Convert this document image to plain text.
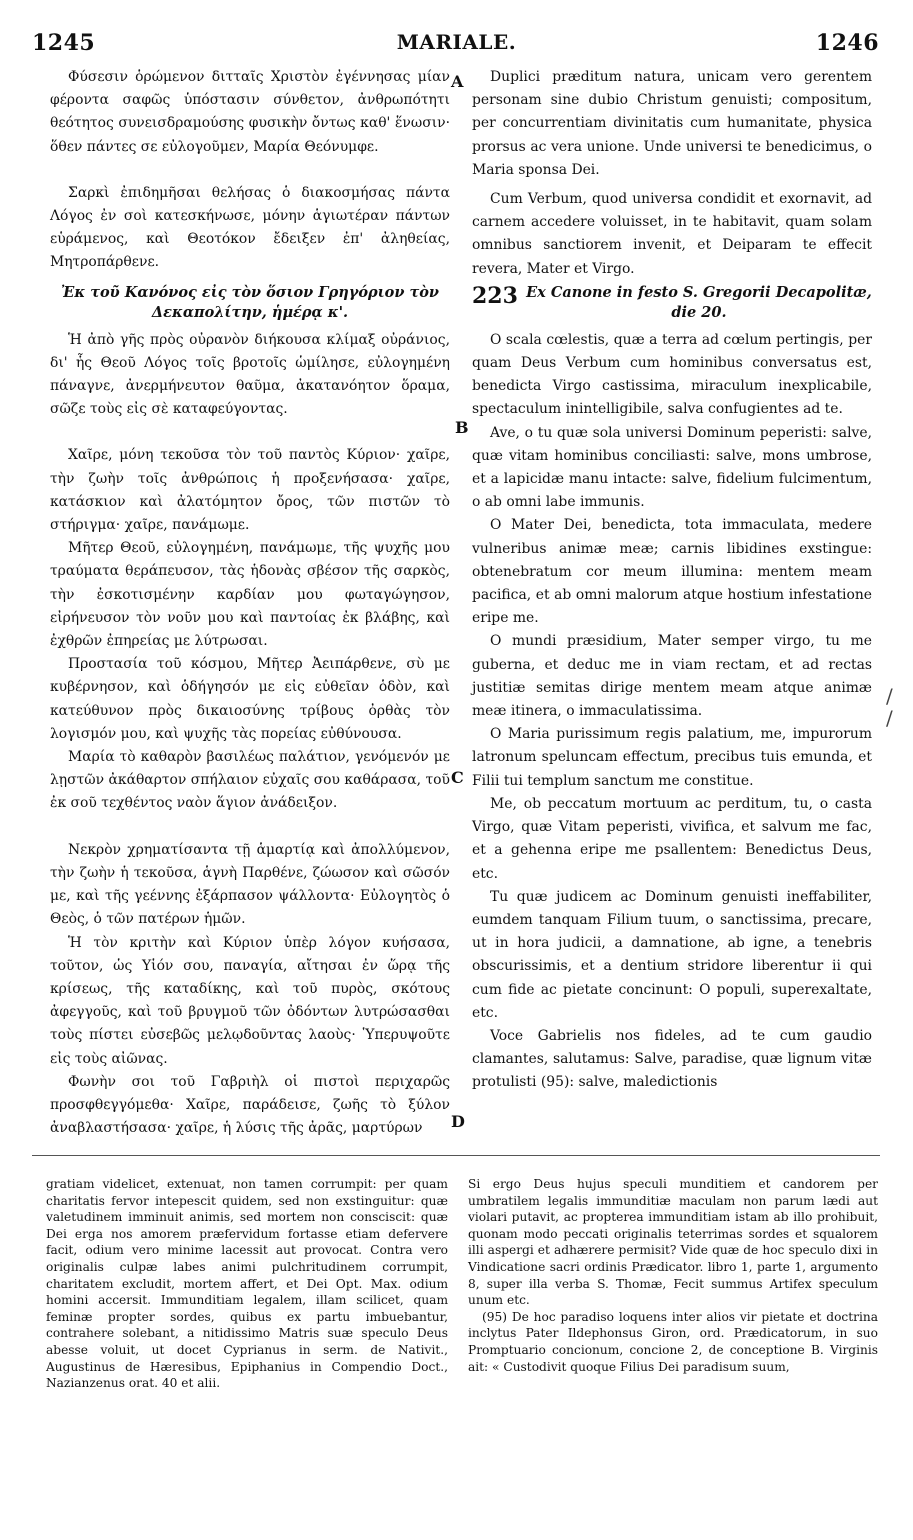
1245	MARIALE.	1246
A
B
C
D

Φύσεσιν ὁρώμενον διτταῖς Χριστὸν ἐγέννησας μίαν φέροντα σαφῶς ὑπόστασιν σύνθετον, ἀνθρωπότητι θεότητος συνεισδραμούσης φυσικὴν ὄντως καθ' ἕνωσιν· ὅθεν πάντες σε εὐλογοῦμεν, Μαρία Θεόνυμφε.

Σαρκὶ ἐπιδημῆσαι θελήσας ὁ διακοσμήσας πάντα Λόγος ἐν σοὶ κατεσκήνωσε, μόνην ἁγιωτέραν πάντων εὑράμενος, καὶ Θεοτόκον ἔδειξεν ἐπ' ἀληθείας, Μητροπάρθενε.

Ἐκ τοῦ Κανόνος εἰς τὸν ὅσιον Γρηγόριον τὸν Δεκαπολίτην, ἡμέρᾳ κ'.

Ἡ ἀπὸ γῆς πρὸς οὐρανὸν διήκουσα κλίμαξ οὐράνιος, δι' ἧς Θεοῦ Λόγος τοῖς βροτοῖς ὡμίλησε, εὐλογημένη πάναγνε, ἀνερμήνευτον θαῦμα, ἀκατανόητον ὅραμα, σῶζε τοὺς εἰς σὲ καταφεύγοντας.

Χαῖρε, μόνη τεκοῦσα τὸν τοῦ παντὸς Κύριον· χαῖρε, τὴν ζωὴν τοῖς ἀνθρώποις ἡ προξενήσασα· χαῖρε, κατάσκιον καὶ ἀλατόμητον ὄρος, τῶν πιστῶν τὸ στήριγμα· χαῖρε, πανάμωμε.

Μῆτερ Θεοῦ, εὐλογημένη, πανάμωμε, τῆς ψυχῆς μου τραύματα θεράπευσον, τὰς ἡδονὰς σβέσον τῆς σαρκὸς, τὴν ἐσκοτισμένην καρδίαν μου φωταγώγησον, εἰρήνευσον τὸν νοῦν μου καὶ παντοίας ἐκ βλάβης, καὶ ἐχθρῶν ἐπηρείας με λύτρωσαι.

Προστασία τοῦ κόσμου, Μῆτερ Ἀειπάρθενε, σὺ με κυβέρνησον, καὶ ὁδήγησόν με εἰς εὐθεῖαν ὁδὸν, καὶ κατεύθυνον πρὸς δικαιοσύνης τρίβους ὀρθὰς τὸν λογισμόν μου, καὶ ψυχῆς τὰς πορείας εὐθύνουσα.

Μαρία τὸ καθαρὸν βασιλέως παλάτιον, γενόμενόν με λῃστῶν ἀκάθαρτον σπήλαιον εὐχαῖς σου καθάρασα, τοῦ ἐκ σοῦ τεχθέντος ναὸν ἅγιον ἀνάδειξον.

Νεκρὸν χρηματίσαντα τῇ ἁμαρτίᾳ καὶ ἀπολλύμενον, τὴν ζωὴν ἡ τεκοῦσα, ἁγνὴ Παρθένε, ζώωσον καὶ σῶσόν με, καὶ τῆς γεέννης ἐξάρπασον ψάλλοντα· Εὐλογητὸς ὁ Θεὸς, ὁ τῶν πατέρων ἡμῶν.

Ἡ τὸν κριτὴν καὶ Κύριον ὑπὲρ λόγον κυήσασα, τοῦτον, ὡς Υἱόν σου, παναγία, αἴτησαι ἐν ὥρᾳ τῆς κρίσεως, τῆς καταδίκης, καὶ τοῦ πυρὸς, σκότους ἀφεγγοῦς, καὶ τοῦ βρυγμοῦ τῶν ὀδόντων λυτρώσασθαι τοὺς πίστει εὐσεβῶς μελῳδοῦντας λαοὺς· Ὑπερυψοῦτε εἰς τοὺς αἰῶνας.

Φωνὴν σοι τοῦ Γαβριὴλ οἱ πιστοὶ περιχαρῶς προσφθεγγόμεθα· Χαῖρε, παράδεισε, ζωῆς τὸ ξύλον ἀναβλαστήσασα· χαῖρε, ἡ λύσις τῆς ἀρᾶς, μαρτύρων

Duplici præditum natura, unicam vero gerentem personam sine dubio Christum genuisti; compositum, per concurrentiam divinitatis cum humanitate, physica prorsus ac vera unione. Unde universi te benedicimus, o Maria sponsa Dei.

Cum Verbum, quod universa condidit et exornavit, ad carnem accedere voluisset, in te habitavit, quam solam omnibus sanctiorem invenit, et Deiparam te effecit revera, Mater et Virgo.

223 Ex Canone in festo S. Gregorii Decapolitæ, die 20.

O scala cœlestis, quæ a terra ad cœlum pertingis, per quam Deus Verbum cum hominibus conversatus est, benedicta Virgo castissima, miraculum inexplicabile, spectaculum inintelligibile, salva confugientes ad te.

Ave, o tu quæ sola universi Dominum peperisti: salve, quæ vitam hominibus conciliasti: salve, mons umbrose, et a lapicidæ manu intacte: salve, fidelium fulcimentum, o ab omni labe immunis.

O Mater Dei, benedicta, tota immaculata, medere vulneribus animæ meæ; carnis libidines exstingue: obtenebratum cor meum illumina: mentem meam pacifica, et ab omni malorum atque hostium infestatione eripe me.

O mundi præsidium, Mater semper virgo, tu me guberna, et deduc me in viam rectam, et ad rectas justitiæ semitas dirige mentem meam atque animæ meæ itinera, o immaculatissima.

O Maria purissimum regis palatium, me, impurorum latronum speluncam effectum, precibus tuis emunda, et Filii tui templum sanctum me constitue.

Me, ob peccatum mortuum ac perditum, tu, o casta Virgo, quæ Vitam peperisti, vivifica, et salvum me fac, et a gehenna eripe me psallentem: Benedictus Deus, etc.

Tu quæ judicem ac Dominum genuisti ineffabiliter, eumdem tanquam Filium tuum, o sanctissima, precare, ut in hora judicii, a damnatione, ab igne, a tenebris obscurissimis, et a dentium stridore liberentur ii qui cum fide ac pietate concinunt: O populi, superexaltate, etc.

Voce Gabrielis nos fideles, ad te cum gaudio clamantes, salutamus: Salve, paradise, quæ lignum vitæ protulisti (95): salve, maledictionis

/
/

gratiam videlicet, extenuat, non tamen corrumpit: per quam charitatis fervor intepescit quidem, sed non exstinguitur: quæ valetudinem imminuit animis, sed mortem non consciscit: quæ Dei erga nos amorem præfervidum fortasse etiam defervere facit, odium vero minime lacessit aut provocat. Contra vero originalis culpæ labes animi pulchritudinem corrumpit, charitatem excludit, mortem affert, et Dei Opt. Max. odium homini accersit. Immunditiam legalem, illam scilicet, quam feminæ propter sordes, quibus ex partu imbuebantur, contrahere solebant, a nitidissimo Matris suæ speculo Deus abesse voluit, ut docet Cyprianus in serm. de Nativit., Augustinus de Hæresibus, Epiphanius in Compendio Doct., Nazianzenus orat. 40 et alii.

Si ergo Deus hujus speculi munditiem et candorem per umbratilem legalis immunditiæ maculam non parum lædi aut violari putavit, ac propterea immunditiam istam ab illo prohibuit, quonam modo peccati originalis teterrimas sordes et squalorem illi aspergi et adhærere permisit? Vide quæ de hoc speculo dixi in Vindicatione sacri ordinis Prædicator. libro 1, parte 1, argumento 8, super illa verba S. Thomæ, Fecit summus Artifex speculum unum etc.

(95) De hoc paradiso loquens inter alios vir pietate et doctrina inclytus Pater Ildephonsus Giron, ord. Prædicatorum, in suo Promptuario concionum, concione 2, de conceptione B. Virginis ait: « Custodivit quoque Filius Dei paradisum suum,
